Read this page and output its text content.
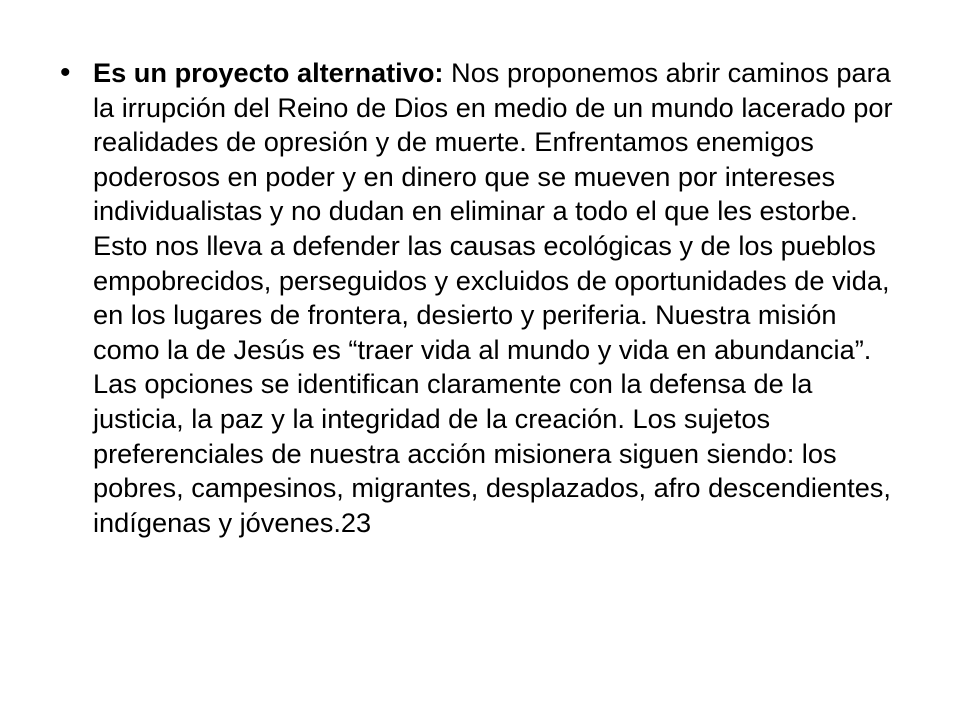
• Es un proyecto alternativo: Nos proponemos abrir caminos para la irrupción del Reino de Dios en medio de un mundo lacerado por realidades de opresión y de muerte. Enfrentamos enemigos poderosos en poder y en dinero que se mueven por intereses individualistas y no dudan en eliminar a todo el que les estorbe. Esto nos lleva a defender las causas ecológicas y de los pueblos empobrecidos, perseguidos y excluidos de oportunidades de vida, en los lugares de frontera, desierto y periferia. Nuestra misión como la de Jesús es “traer vida al mundo y vida en abundancia”. Las opciones se identifican claramente con la defensa de la justicia, la paz y la integridad de la creación. Los sujetos preferenciales de nuestra acción misionera siguen siendo: los pobres, campesinos, migrantes, desplazados, afro descendientes, indígenas y jóvenes.23
